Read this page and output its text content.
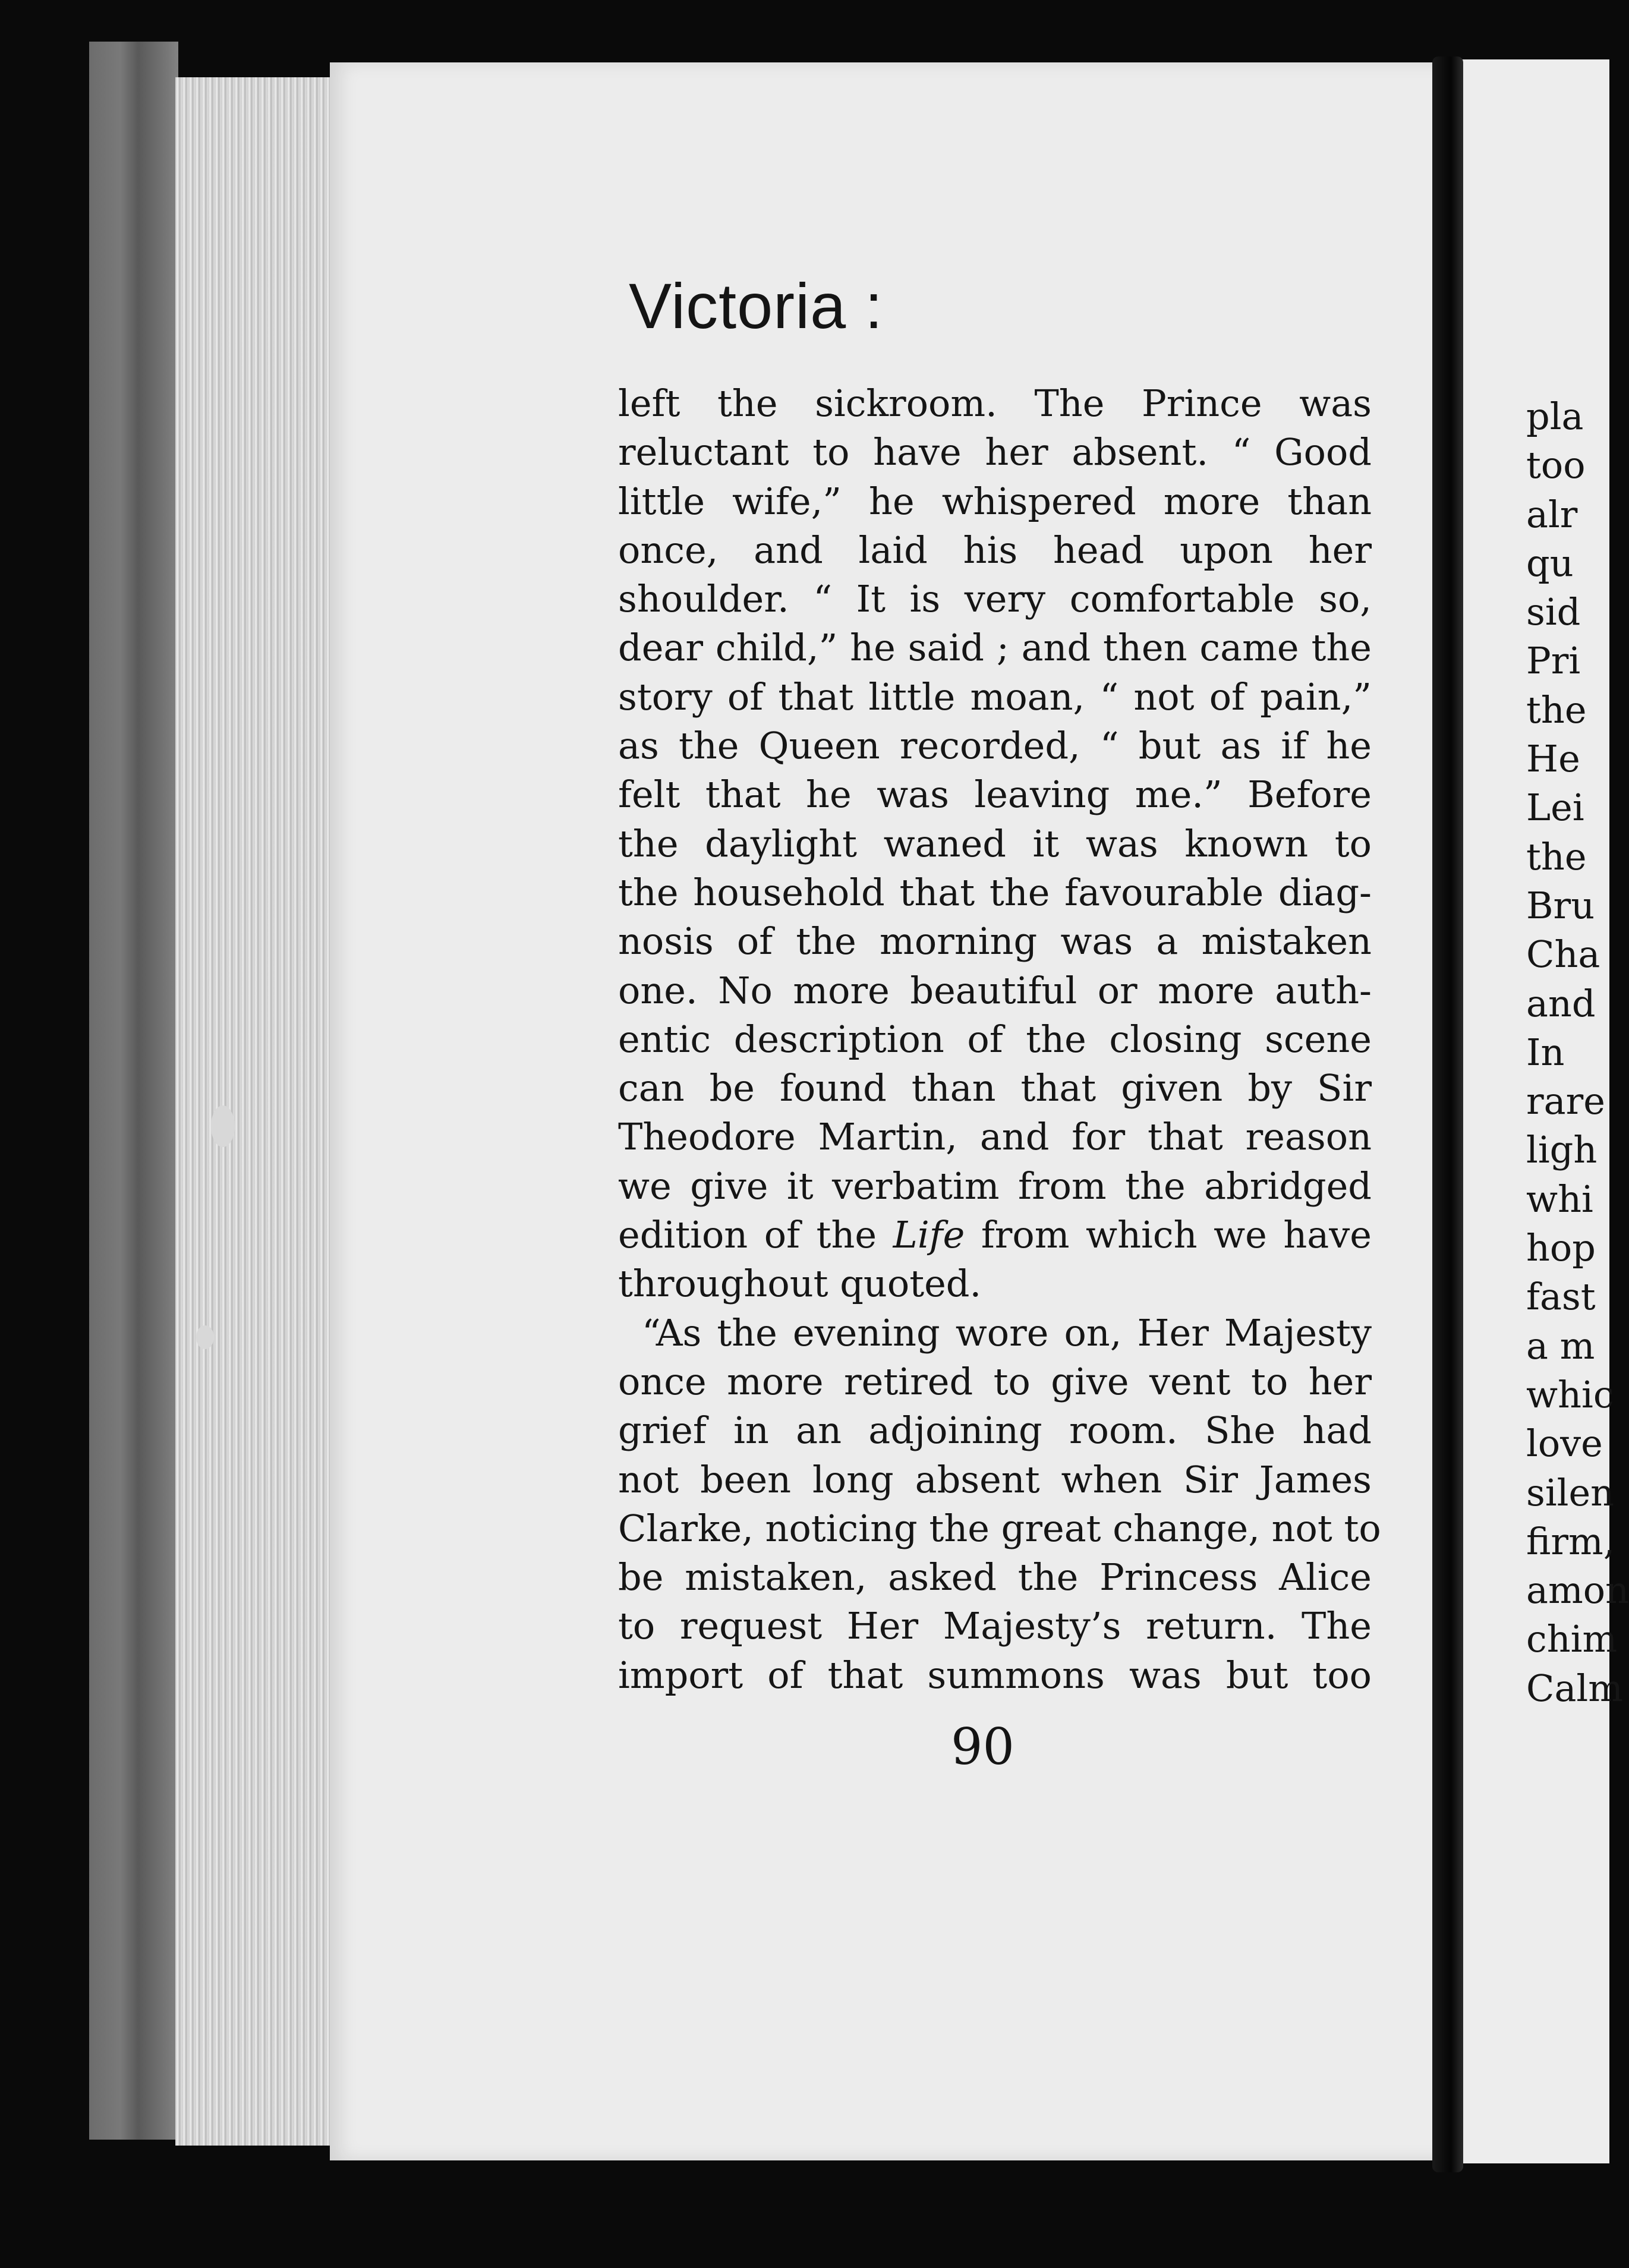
Victoria :

left the sickroom. The Prince was
reluctant to have her absent. “ Good
little wife,” he whispered more than
once, and laid his head upon her
shoulder. “ It is very comfortable so,
dear child,” he said ; and then came the
story of that little moan, “ not of pain,”
as the Queen recorded, “ but as if he
felt that he was leaving me.” Before
the daylight waned it was known to
the household that the favourable diag-
nosis of the morning was a mistaken
one. No more beautiful or more auth-
entic description of the closing scene
can be found than that given by Sir
Theodore Martin, and for that reason
we give it verbatim from the abridged
edition of the Life from which we have
throughout quoted.

“As the evening wore on, Her Majesty
once more retired to give vent to her
grief in an adjoining room. She had
not been long absent when Sir James
Clarke, noticing the great change, not to
be mistaken, asked the Princess Alice
to request Her Majesty’s return. The
import of that summons was but too

90
pla
too
alr
qu
sid
Pri
the
He
Lei
the
Bru
Cha
and
In
rare
ligh
whi
hop
fast
a m
whic
love
silen
firm,
amon
chim
Calm
